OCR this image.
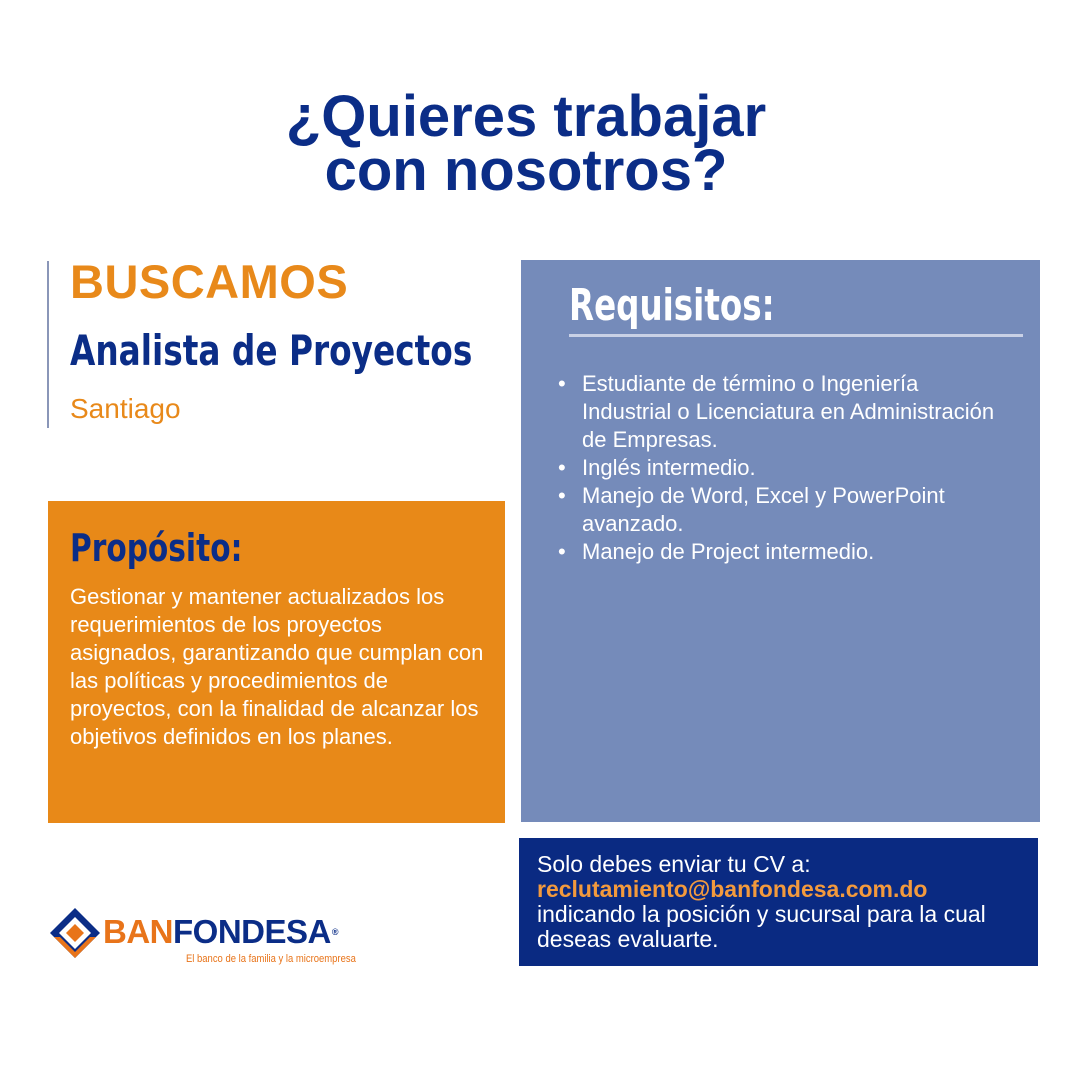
¿Quieres trabajar
con nosotros?
BUSCAMOS
Analista de Proyectos
Santiago
Propósito:
Gestionar y mantener actualizados los requerimientos de los proyectos asignados, garantizando que cumplan con las políticas y procedimientos de proyectos, con la finalidad de alcanzar los objetivos definidos en los planes.
Requisitos:
• Estudiante de término o Ingeniería Industrial o Licenciatura en Administración de Empresas.
• Inglés intermedio.
• Manejo de Word, Excel y PowerPoint avanzado.
• Manejo de Project intermedio.
Solo debes enviar tu CV a:
reclutamiento@banfondesa.com.do
indicando la posición y sucursal para la cual deseas evaluarte.
BANFONDESA®
El banco de la familia y la microempresa
